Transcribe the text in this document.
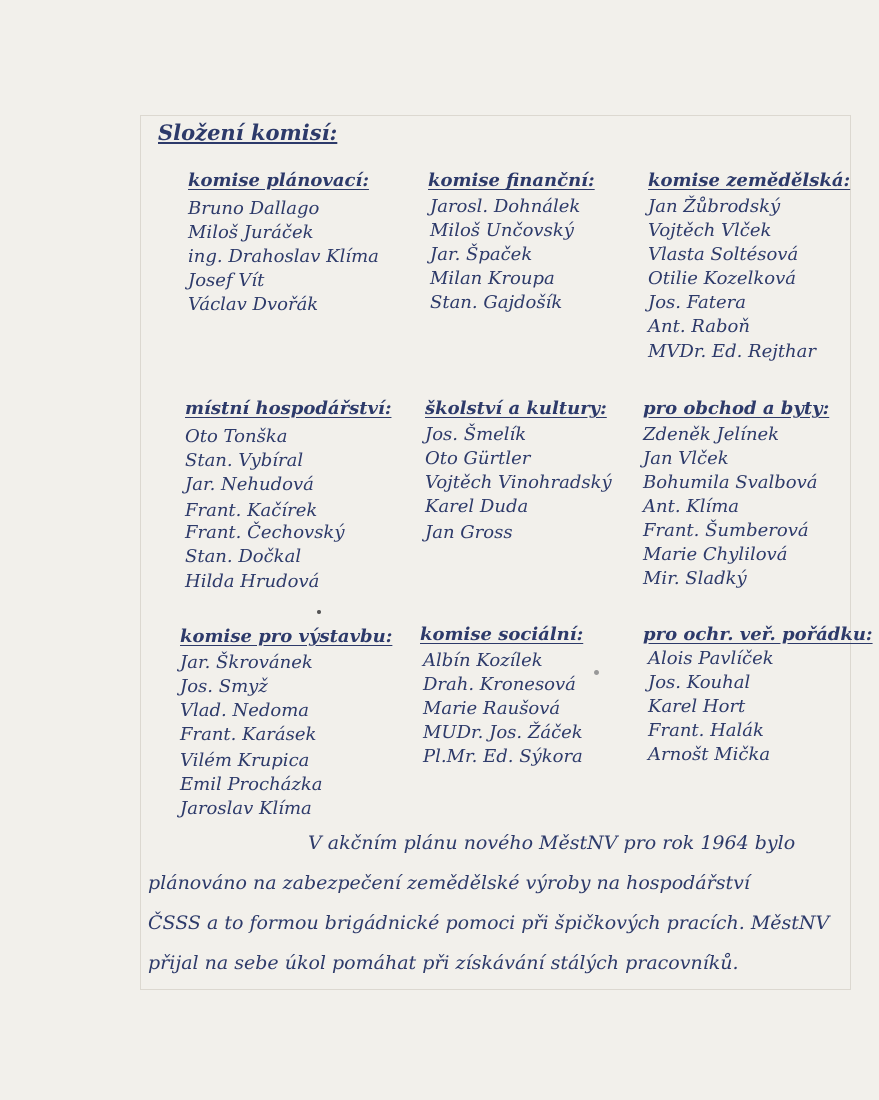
Složení komisí:
komise plánovací:
Bruno Dallago
Miloš Juráček
ing. Drahoslav Klíma
Josef Vít
Václav Dvořák
komise finanční:
Jarosl. Dohnálek
Miloš Unčovský
Jar. Špaček
Milan Kroupa
Stan. Gajdošík
komise zemědělská:
Jan Žůbrodský
Vojtěch Vlček
Vlasta Soltésová
Otilie Kozelková
Jos. Fatera
Ant. Raboň
MVDr. Ed. Rejthar
místní hospodářství:
Oto Tonška
Stan. Vybíral
Jar. Nehudová
Frant. Kačírek
Frant. Čechovský
Stan. Dočkal
Hilda Hrudová
školství a kultury:
Jos. Šmelík
Oto Gürtler
Vojtěch Vinohradský
Karel Duda
Jan Gross
pro obchod a byty:
Zdeněk Jelínek
Jan Vlček
Bohumila Svalbová
Ant. Klíma
Frant. Šumberová
Marie Chylilová
Mir. Sladký
komise pro výstavbu:
Jar. Škrovánek
Jos. Smyž
Vlad. Nedoma
Frant. Karásek
Vilém Krupica
Emil Procházka
Jaroslav Klíma
komise sociální:
Albín Kozílek
Drah. Kronesová
Marie Raušová
MUDr. Jos. Žáček
Pl.Mr. Ed. Sýkora
pro ochr. veř. pořádku:
Alois Pavlíček
Jos. Kouhal
Karel Hort
Frant. Halák
Arnošt Mička
V akčním plánu nového MěstNV pro rok 1964 bylo
plánováno na zabezpečení zemědělské výroby na hospodářství
ČSSS a to formou brigádnické pomoci při špičkových pracích. MěstNV
přijal na sebe úkol pomáhat při získávání stálých pracovníků.
